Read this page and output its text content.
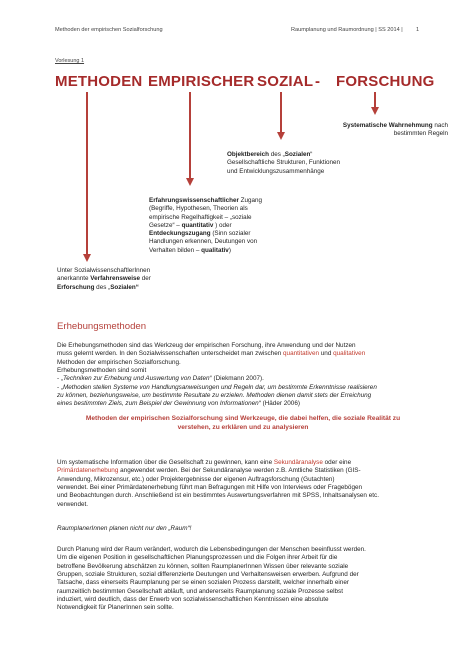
Methoden der empirischen Sozialforschung	Raumplanung und Raumordnung | SS 2014 | 1
Vorlesung 1
METHODEN EMPIRISCHER SOZIAL - FORSCHUNG
Systematische Wahrnehmung nach
bestimmten Regeln
Objektbereich des „Sozialen“
Gesellschaftliche Strukturen, Funktionen
und Entwicklungszusammenhänge
Erfahrungswissenschaftlicher Zugang
(Begriffe, Hypothesen, Theorien als
empirische Regelhaftigkeit – „soziale
Gesetze“ – quantitativ ) oder
Entdeckungszugang (Sinn sozialer
Handlungen erkennen, Deutungen von
Verhalten bilden – qualitativ)
Unter SozialwissenschaftlerInnen
anerkannte Verfahrensweise der
Erforschung des „Sozialen“
Erhebungsmethoden
Die Erhebungsmethoden sind das Werkzeug der empirischen Forschung, ihre Anwendung und der Nutzen
muss gelernt werden. In den Sozialwissenschaften unterscheidet man zwischen quantitativen und qualitativen
Methoden der empirischen Sozialforschung.
Erhebungsmethoden sind somit
- „Techniken zur Erhebung und Auswertung von Daten“ (Diekmann 2007).
- „Methoden stellen Systeme von Handlungsanweisungen und Regeln dar, um bestimmte Erkenntnisse realisieren
zu können, beziehungsweise, um bestimmte Resultate zu erzielen. Methoden dienen damit stets der Erreichung
eines bestimmten Ziels, zum Beispiel der Gewinnung von Informationen“ (Häder 2006)
Methoden der empirischen Sozialforschung sind Werkzeuge, die dabei helfen, die soziale Realität zu
verstehen, zu erklären und zu analysieren
Um systematische Information über die Gesellschaft zu gewinnen, kann eine Sekundäranalyse oder eine
Primärdatenerhebung angewendet werden. Bei der Sekundäranalyse werden z.B. Amtliche Statistiken (GIS-
Anwendung, Mikrozensur, etc.) oder Projektergebnisse der eigenen Auftragsforschung (Gutachten)
verwendet. Bei einer Primärdatenerhebung führt man Befragungen mit Hilfe von Interviews oder Fragebögen
und Beobachtungen durch. Anschließend ist ein bestimmtes Auswertungsverfahren mit SPSS, Inhaltsanalysen etc.
verwendet.
RaumplanerInnen planen nicht nur den „Raum“!
Durch Planung wird der Raum verändert, wodurch die Lebensbedingungen der Menschen beeinflusst werden.
Um die eigenen Position in gesellschaftlichen Planungsprozessen und die Folgen ihrer Arbeit für die
betroffene Bevölkerung abschätzen zu können, sollten RaumplanerInnen Wissen über relevante soziale
Gruppen, soziale Strukturen, sozial differenzierte Deutungen und Verhaltensweisen erwerben. Aufgrund der
Tatsache, dass einerseits Raumplanung per se einen sozialen Prozess darstellt, welcher innerhalb einer
raumzeitlich bestimmten Gesellschaft abläuft, und andererseits Raumplanung soziale Prozesse selbst
induziert, wird deutlich, dass der Erwerb von sozialwissenschaftlichen Kenntnissen eine absolute
Notwendigkeit für PlanerInnen sein sollte.
